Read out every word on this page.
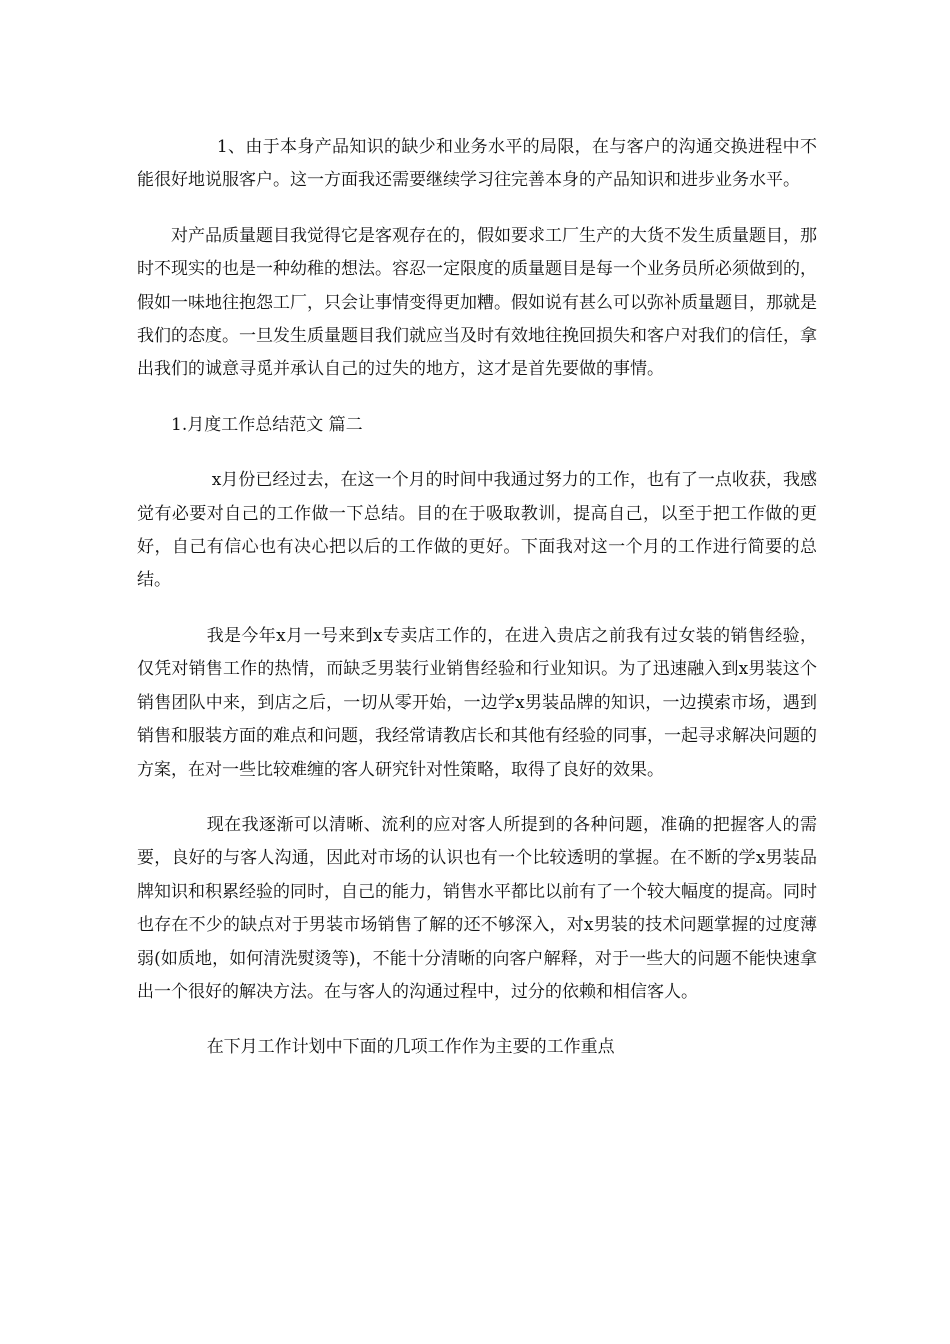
1、由于本身产品知识的缺少和业务水平的局限，在与客户的沟通交换进程中不能很好地说服客户。这一方面我还需要继续学习往完善本身的产品知识和进步业务水平。

对产品质量题目我觉得它是客观存在的，假如要求工厂生产的大货不发生质量题目，那时不现实的也是一种幼稚的想法。容忍一定限度的质量题目是每一个业务员所必须做到的，假如一味地往抱怨工厂，只会让事情变得更加糟。假如说有甚么可以弥补质量题目，那就是我们的态度。一旦发生质量题目我们就应当及时有效地往挽回损失和客户对我们的信任，拿出我们的诚意寻觅并承认自己的过失的地方，这才是首先要做的事情。

1.月度工作总结范文 篇二

x月份已经过去，在这一个月的时间中我通过努力的工作，也有了一点收获，我感觉有必要对自己的工作做一下总结。目的在于吸取教训，提高自己，以至于把工作做的更好，自己有信心也有决心把以后的工作做的更好。下面我对这一个月的工作进行简要的总结。

我是今年x月一号来到x专卖店工作的，在进入贵店之前我有过女装的销售经验，仅凭对销售工作的热情，而缺乏男装行业销售经验和行业知识。为了迅速融入到x男装这个销售团队中来，到店之后，一切从零开始，一边学x男装品牌的知识，一边摸索市场，遇到销售和服装方面的难点和问题，我经常请教店长和其他有经验的同事，一起寻求解决问题的方案，在对一些比较难缠的客人研究针对性策略，取得了良好的效果。

现在我逐渐可以清晰、流利的应对客人所提到的各种问题，准确的把握客人的需要，良好的与客人沟通，因此对市场的认识也有一个比较透明的掌握。在不断的学x男装品牌知识和积累经验的同时，自己的能力，销售水平都比以前有了一个较大幅度的提高。同时也存在不少的缺点对于男装市场销售了解的还不够深入，对x男装的技术问题掌握的过度薄弱(如质地，如何清洗熨烫等)，不能十分清晰的向客户解释，对于一些大的问题不能快速拿出一个很好的解决方法。在与客人的沟通过程中，过分的依赖和相信客人。

在下月工作计划中下面的几项工作作为主要的工作重点
